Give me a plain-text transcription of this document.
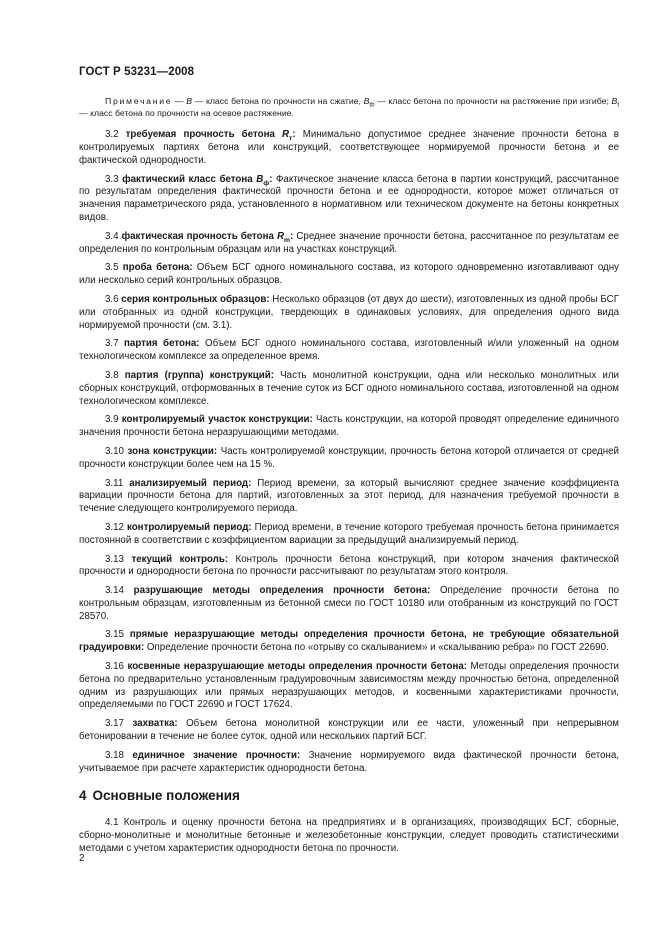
ГОСТ Р 53231—2008

Примечание — B — класс бетона по прочности на сжатие, $B_{tb}$ — класс бетона по прочности на растяжение при изгибе; $B_t$ — класс бетона по прочности на осевое растяжение.

3.2 требуемая прочность бетона $R_т$: Минимально допустимое среднее значение прочности бетона в контролируемых партиях бетона или конструкций, соответствующее нормируемой прочности бетона и ее фактической однородности.

3.3 фактический класс бетона $B_ф$: Фактическое значение класса бетона в партии конструкций, рассчитанное по результатам определения фактической прочности бетона и ее однородности, которое может отличаться от значения параметрического ряда, установленного в нормативном или техническом документе на бетоны конкретных видов.

3.4 фактическая прочность бетона $R_m$: Среднее значение прочности бетона, рассчитанное по результатам ее определения по контрольным образцам или на участках конструкций.

3.5 проба бетона: Объем БСГ одного номинального состава, из которого одновременно изготавливают одну или несколько серий контрольных образцов.

3.6 серия контрольных образцов: Несколько образцов (от двух до шести), изготовленных из одной пробы БСГ или отобранных из одной конструкции, твердеющих в одинаковых условиях, для определения одного вида нормируемой прочности (см. 3.1).

3.7 партия бетона: Объем БСГ одного номинального состава, изготовленный и/или уложенный на одном технологическом комплексе за определенное время.

3.8 партия (группа) конструкций: Часть монолитной конструкции, одна или несколько монолитных или сборных конструкций, отформованных в течение суток из БСГ одного номинального состава, изготовленной на одном технологическом комплексе.

3.9 контролируемый участок конструкции: Часть конструкции, на которой проводят определение единичного значения прочности бетона неразрушающими методами.

3.10 зона конструкции: Часть контролируемой конструкции, прочность бетона которой отличается от средней прочности конструкции более чем на 15 %.

3.11 анализируемый период: Период времени, за который вычисляют среднее значение коэффициента вариации прочности бетона для партий, изготовленных за этот период, для назначения требуемой прочности в течение следующего контролируемого периода.

3.12 контролируемый период: Период времени, в течение которого требуемая прочность бетона принимается постоянной в соответствии с коэффициентом вариации за предыдущий анализируемый период.

3.13 текущий контроль: Контроль прочности бетона конструкций, при котором значения фактической прочности и однородности бетона по прочности рассчитывают по результатам этого контроля.

3.14 разрушающие методы определения прочности бетона: Определение прочности бетона по контрольным образцам, изготовленным из бетонной смеси по ГОСТ 10180 или отобранным из конструкций по ГОСТ 28570.

3.15 прямые неразрушающие методы определения прочности бетона, не требующие обязательной градуировки: Определение прочности бетона по «отрыву со скалыванием» и «скалыванию ребра» по ГОСТ 22690.

3.16 косвенные неразрушающие методы определения прочности бетона: Методы определения прочности бетона по предварительно установленным градуировочным зависимостям между прочностью бетона, определенной одним из разрушающих или прямых неразрушающих методов, и косвенными характеристиками прочности, определяемыми по ГОСТ 22690 и ГОСТ 17624.

3.17 захватка: Объем бетона монолитной конструкции или ее части, уложенный при непрерывном бетонировании в течение не более суток, одной или нескольких партий БСГ.

3.18 единичное значение прочности: Значение нормируемого вида фактической прочности бетона, учитываемое при расчете характеристик однородности бетона.

4 Основные положения

4.1 Контроль и оценку прочности бетона на предприятиях и в организациях, производящих БСГ, сборные, сборно-монолитные и монолитные бетонные и железобетонные конструкции, следует проводить статистическими методами с учетом характеристик однородности бетона по прочности.

2
